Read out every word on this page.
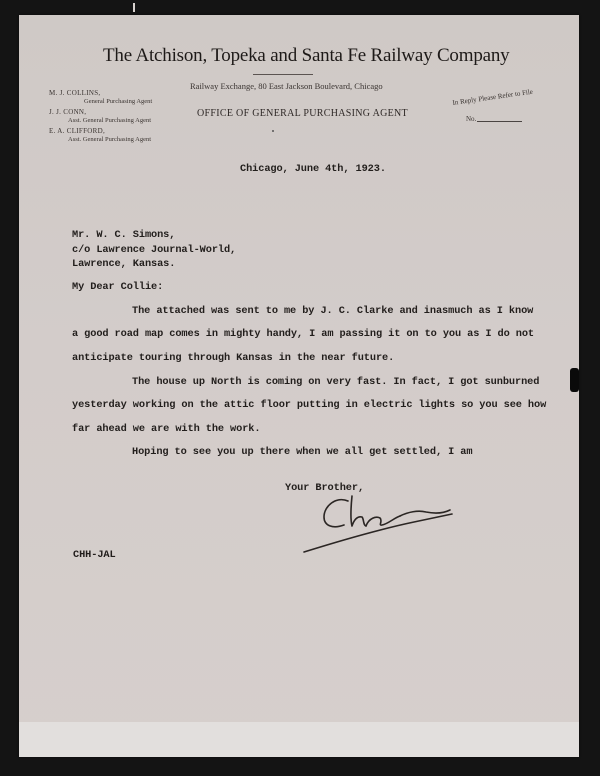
The Atchison, Topeka and Santa Fe Railway Company
Railway Exchange, 80 East Jackson Boulevard, Chicago
OFFICE OF GENERAL PURCHASING AGENT
M. J. COLLINS,
General Purchasing Agent
J. J. CONN,
Asst. General Purchasing Agent
E. A. CLIFFORD,
Asst. General Purchasing Agent
In Reply Please Refer to File
No.
Chicago, June 4th, 1923.
Mr. W. C. Simons,
c/o Lawrence Journal-World,
Lawrence, Kansas.
My Dear Collie:
The attached was sent to me by J. C. Clarke and inasmuch as I know
a good road map comes in mighty handy, I am passing it on to you as I do not
anticipate touring through Kansas in the near future.
The house up North is coming on very fast. In fact, I got sunburned
yesterday working on the attic floor putting in electric lights so you see how
far ahead we are with the work.
Hoping to see you up there when we all get settled, I am
Your Brother,
CHH-JAL
